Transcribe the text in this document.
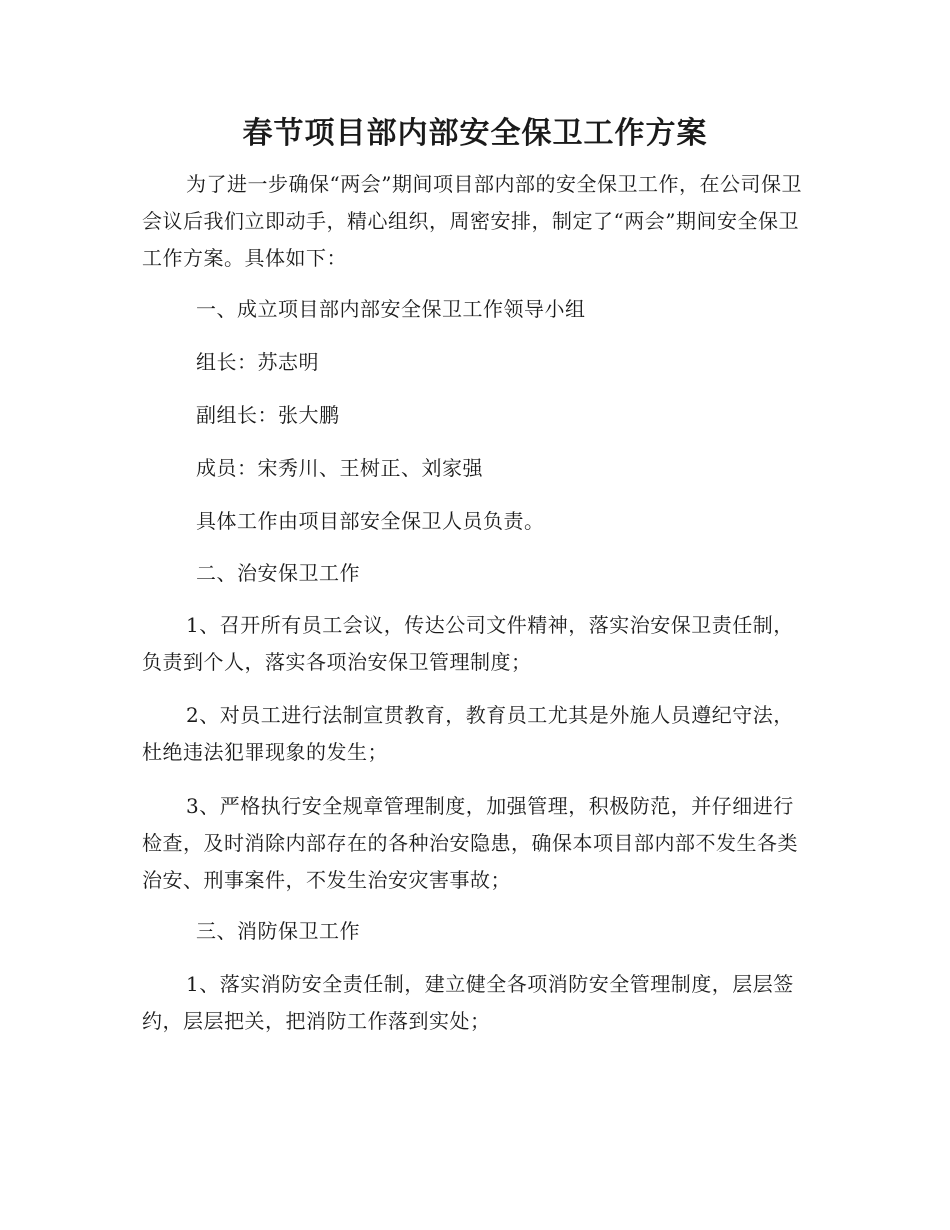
春节项目部内部安全保卫工作方案

为了进一步确保“两会”期间项目部内部的安全保卫工作，在公司保卫会议后我们立即动手，精心组织，周密安排，制定了“两会”期间安全保卫工作方案。具体如下：

一、成立项目部内部安全保卫工作领导小组

组长：苏志明

副组长：张大鹏

成员：宋秀川、王树正、刘家强

具体工作由项目部安全保卫人员负责。

二、治安保卫工作

1、召开所有员工会议，传达公司文件精神，落实治安保卫责任制，负责到个人，落实各项治安保卫管理制度；

2、对员工进行法制宣贯教育，教育员工尤其是外施人员遵纪守法， 杜绝违法犯罪现象的发生；

3、严格执行安全规章管理制度，加强管理，积极防范，并仔细进行检查，及时消除内部存在的各种治安隐患，确保本项目部内部不发生各类治安、刑事案件，不发生治安灾害事故；

三、消防保卫工作

1、落实消防安全责任制，建立健全各项消防安全管理制度，层层签约，层层把关，把消防工作落到实处；
